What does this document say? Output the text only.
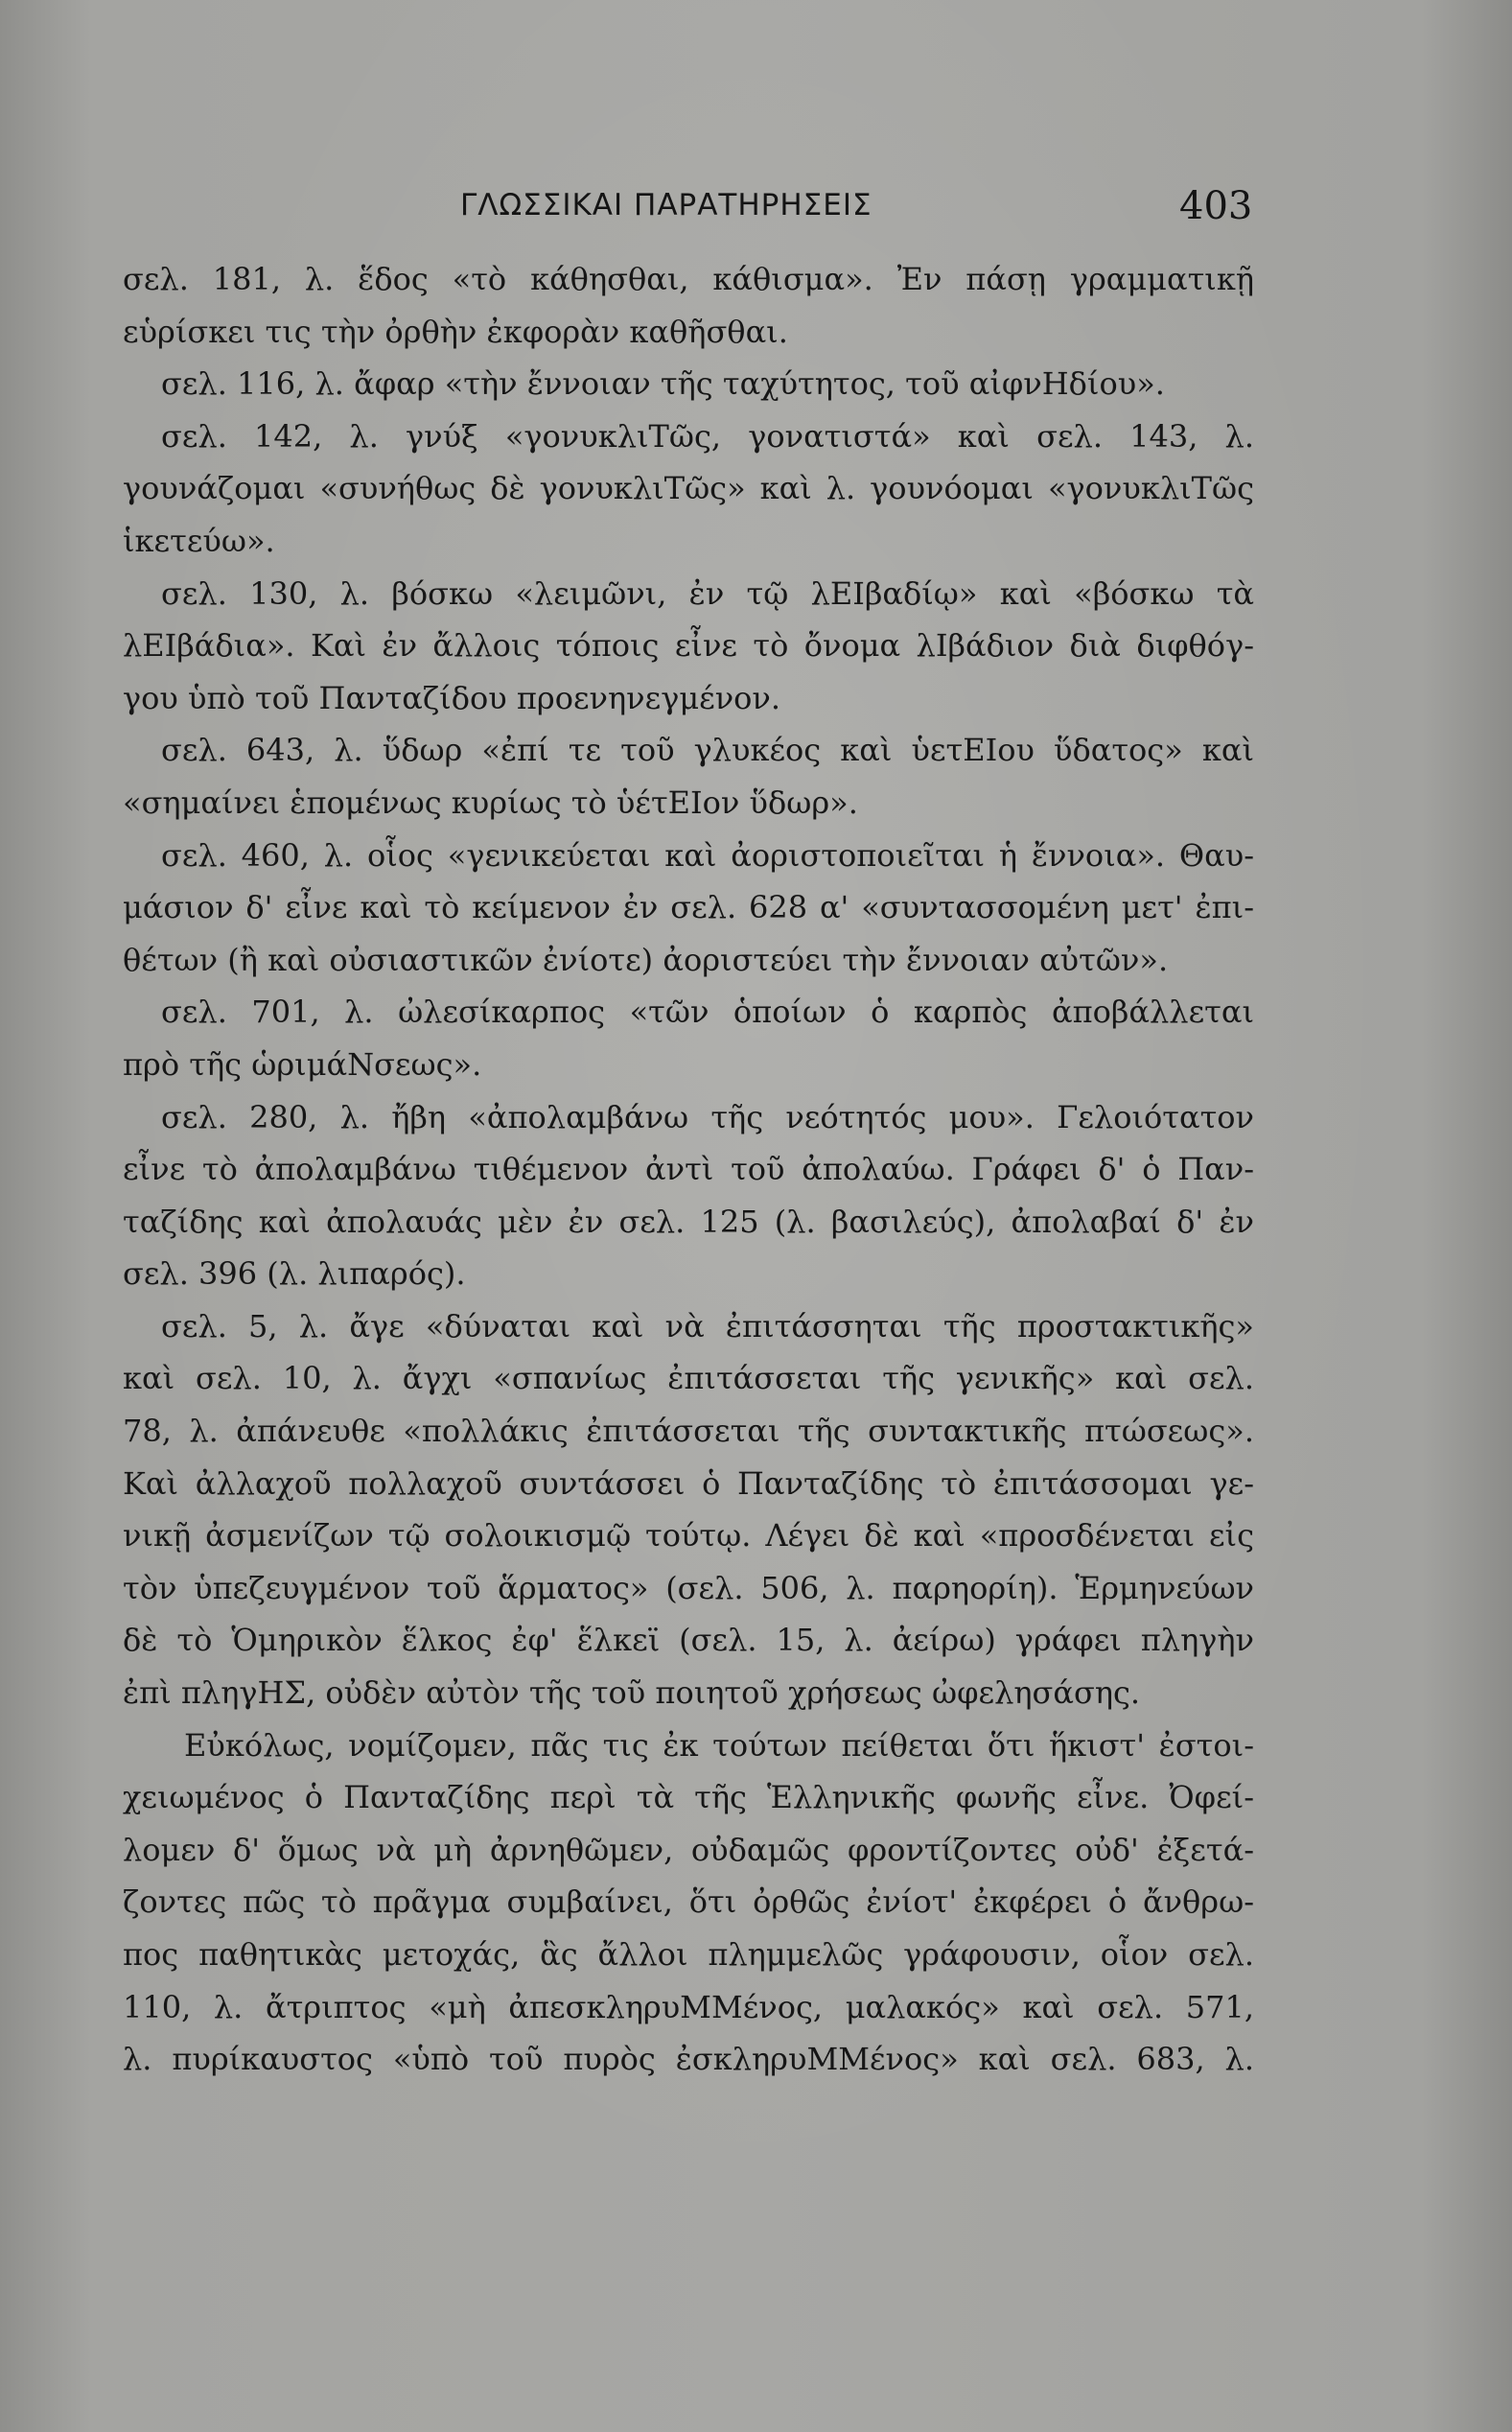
ΓΛΩΣΣΙΚΑΙ ΠΑΡΑΤΗΡΗΣΕΙΣ	403
σελ. 181, λ. ἕδος «τὸ κάθησθαι, κάθισμα». Ἐν πάσῃ γραμματικῇ
εὑρίσκει τις τὴν ὀρθὴν ἐκφορὰν καθῆσθαι.
σελ. 116, λ. ἄφαρ «τὴν ἔννοιαν τῆς ταχύτητος, τοῦ αἰφνΗδίου».
σελ. 142, λ. γνύξ «γονυκλιΤῶς, γονατιστά» καὶ σελ. 143, λ.
γουνάζομαι «συνήθως δὲ γονυκλιΤῶς» καὶ λ. γουνόομαι «γονυκλιΤῶς
ἱκετεύω».
σελ. 130, λ. βόσκω «λειμῶνι, ἐν τῷ λΕΙβαδίῳ» καὶ «βόσκω τὰ
λΕΙβάδια». Καὶ ἐν ἄλλοις τόποις εἶνε τὸ ὄνομα λΙβάδιον διὰ διφθόγ-
γου ὑπὸ τοῦ Πανταζίδου προενηνεγμένον.
σελ. 643, λ. ὕδωρ «ἐπί τε τοῦ γλυκέος καὶ ὑετΕΙου ὕδατος» καὶ
«σημαίνει ἑπομένως κυρίως τὸ ὑέτΕΙον ὕδωρ».
σελ. 460, λ. οἷος «γενικεύεται καὶ ἀοριστοποιεῖται ἡ ἔννοια». Θαυ-
μάσιον δ' εἶνε καὶ τὸ κείμενον ἐν σελ. 628 α' «συντασσομένη μετ' ἐπι-
θέτων (ἢ καὶ οὐσιαστικῶν ἐνίοτε) ἀοριστεύει τὴν ἔννοιαν αὐτῶν».
σελ. 701, λ. ὠλεσίκαρπος «τῶν ὁποίων ὁ καρπὸς ἀποβάλλεται
πρὸ τῆς ὡριμάΝσεως».
σελ. 280, λ. ἤβη «ἀπολαμβάνω τῆς νεότητός μου». Γελοιότατον
εἶνε τὸ ἀπολαμβάνω τιθέμενον ἀντὶ τοῦ ἀπολαύω. Γράφει δ' ὁ Παν-
ταζίδης καὶ ἀπολαυάς μὲν ἐν σελ. 125 (λ. βασιλεύς), ἀπολαβαί δ' ἐν
σελ. 396 (λ. λιπαρός).
σελ. 5, λ. ἄγε «δύναται καὶ νὰ ἐπιτάσσηται τῆς προστακτικῆς»
καὶ σελ. 10, λ. ἄγχι «σπανίως ἐπιτάσσεται τῆς γενικῆς» καὶ σελ.
78, λ. ἀπάνευθε «πολλάκις ἐπιτάσσεται τῆς συντακτικῆς πτώσεως».
Καὶ ἀλλαχοῦ πολλαχοῦ συντάσσει ὁ Πανταζίδης τὸ ἐπιτάσσομαι γε-
νικῇ ἀσμενίζων τῷ σολοικισμῷ τούτῳ. Λέγει δὲ καὶ «προσδένεται εἰς
τὸν ὑπεζευγμένον τοῦ ἅρματος» (σελ. 506, λ. παρηορίη). Ἑρμηνεύων
δὲ τὸ Ὁμηρικὸν ἕλκος ἐφ' ἕλκεϊ (σελ. 15, λ. ἀείρω) γράφει πληγὴν
ἐπὶ πληγΗΣ, οὐδὲν αὐτὸν τῆς τοῦ ποιητοῦ χρήσεως ὠφελησάσης.
Εὐκόλως, νομίζομεν, πᾶς τις ἐκ τούτων πείθεται ὅτι ἥκιστ' ἐστοι-
χειωμένος ὁ Πανταζίδης περὶ τὰ τῆς Ἑλληνικῆς φωνῆς εἶνε. Ὀφεί-
λομεν δ' ὅμως νὰ μὴ ἀρνηθῶμεν, οὐδαμῶς φροντίζοντες οὐδ' ἐξετά-
ζοντες πῶς τὸ πρᾶγμα συμβαίνει, ὅτι ὀρθῶς ἐνίοτ' ἐκφέρει ὁ ἄνθρω-
πος παθητικὰς μετοχάς, ἃς ἄλλοι πλημμελῶς γράφουσιν, οἷον σελ.
110, λ. ἄτριπτος «μὴ ἀπεσκληρυΜΜένος, μαλακός» καὶ σελ. 571,
λ. πυρίκαυστος «ὑπὸ τοῦ πυρὸς ἐσκληρυΜΜένος» καὶ σελ. 683, λ.
